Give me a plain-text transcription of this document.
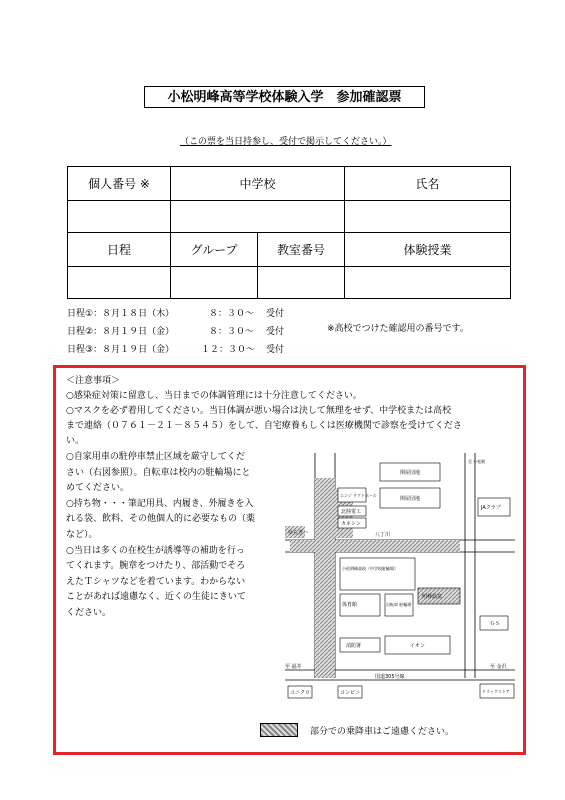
小松明峰高等学校体験入学　参加確認票
（この票を当日持参し、受付で掲示してください。）
個人番号 ※	中学校		氏名

日程	グループ	教室番号	体験授業

日程①：８月１８日（木）	８：３０～ 受付
日程②：８月１９日（金）	８：３０～ 受付
日程③：８月１９日（金）	１２：３０～ 受付
※高校でつけた確認用の番号です。
＜注意事項＞
○感染症対策に留意し、当日までの体調管理には十分注意してください。
○マスクを必ず着用してください。当日体調が悪い場合は決して無理をせず、中学校または高校
まで連絡（０７６１－２１－８５４５）をして、自宅療養もしくは医療機関で診察を受けてくださ
い。
○自家用車の駐停車禁止区域を厳守してくだ
さい（右図参照）。自転車は校内の駐輪場にと
めてください。
○持ち物・・・筆記用具、内履き、外履きを入
れる袋、飲料、その他個人的に必要なもの（薬
など）。
○当日は多くの在校生が誘導等の補助を行っ
てくれます。腕章をつけたり、部活動でそろ
えたＴシャツなどを着ています。わからない
ことがあれば遠慮なく、近くの生徒にきいて
ください。
関屋団地
関屋団地
エンジ テクトホール
北陸電工
カネシン
JAクラブ
八丁川
ゆらぎハ
小松明峰高校（中学校駐輪場）
体育館
明峰温泉
自転車 駐輪場
消防署	イオン
ＧＳ
国道305号線
ユニクロ	コンビニ	ドラッグストア
至 福井	至 金沢
至 小松駅
部分での乗降車はご遠慮ください。
